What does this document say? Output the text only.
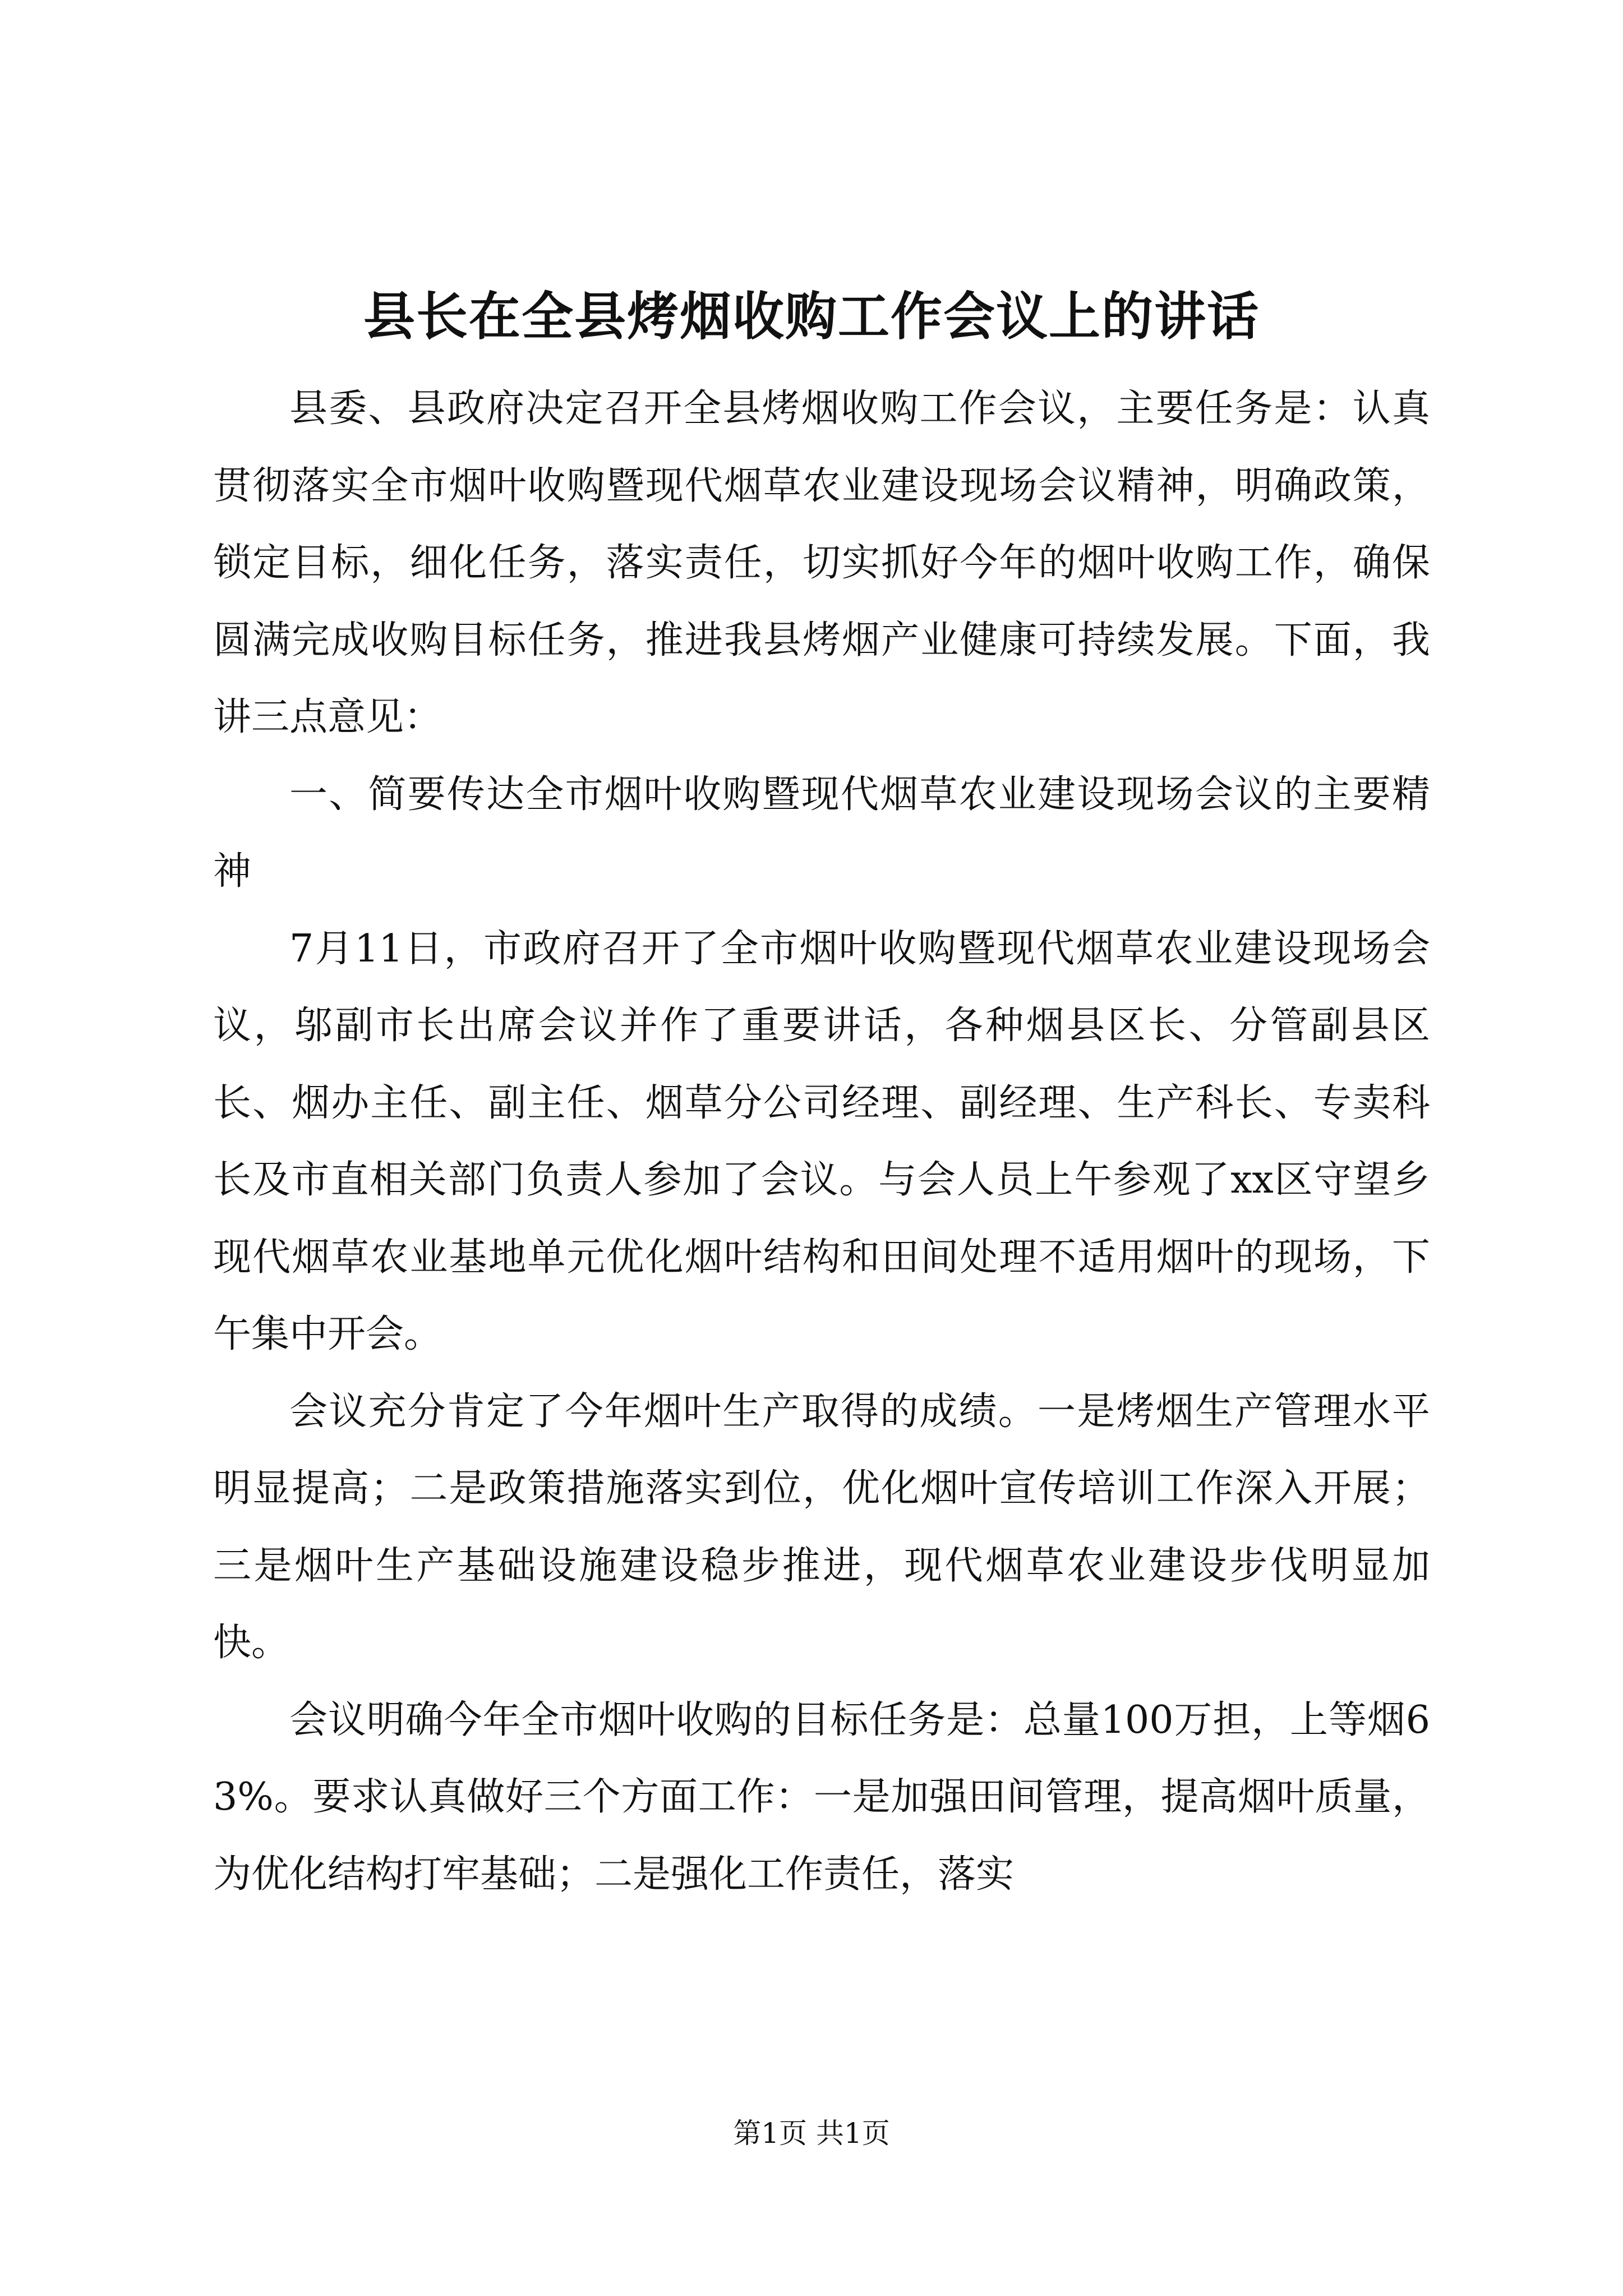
县长在全县烤烟收购工作会议上的讲话

县委、县政府决定召开全县烤烟收购工作会议，主要任务是：认真贯彻落实全市烟叶收购暨现代烟草农业建设现场会议精神，明确政策，锁定目标，细化任务，落实责任，切实抓好今年的烟叶收购工作，确保圆满完成收购目标任务，推进我县烤烟产业健康可持续发展。下面，我讲三点意见：

一、简要传达全市烟叶收购暨现代烟草农业建设现场会议的主要精神

7月11日，市政府召开了全市烟叶收购暨现代烟草农业建设现场会议，邬副市长出席会议并作了重要讲话，各种烟县区长、分管副县区长、烟办主任、副主任、烟草分公司经理、副经理、生产科长、专卖科长及市直相关部门负责人参加了会议。与会人员上午参观了xx区守望乡现代烟草农业基地单元优化烟叶结构和田间处理不适用烟叶的现场，下午集中开会。

会议充分肯定了今年烟叶生产取得的成绩。一是烤烟生产管理水平明显提高；二是政策措施落实到位，优化烟叶宣传培训工作深入开展；三是烟叶生产基础设施建设稳步推进，现代烟草农业建设步伐明显加快。

会议明确今年全市烟叶收购的目标任务是：总量100万担，上等烟63%。要求认真做好三个方面工作：一是加强田间管理，提高烟叶质量，为优化结构打牢基础；二是强化工作责任，落实

第1页 共1页
